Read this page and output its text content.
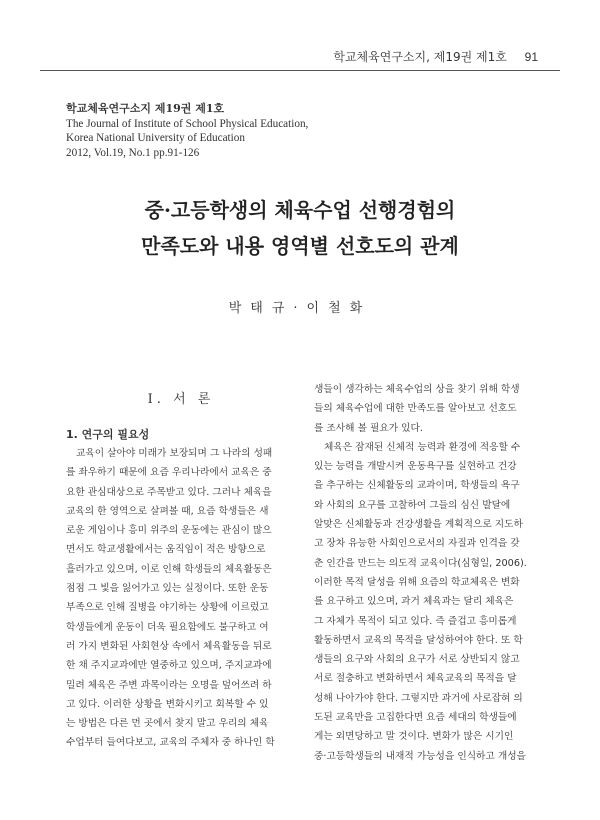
학교체육연구소지, 제19권 제1호 91
학교체육연구소지 제19권 제1호
The Journal of Institute of School Physical Education,
Korea National University of Education
2012, Vol.19, No.1 pp.91-126
중·고등학생의 체육수업 선행경험의
만족도와 내용 영역별 선호도의 관계
박태규·이철화
Ⅰ. 서 론
1. 연구의 필요성
교육이 살아야 미래가 보장되며 그 나라의 성패
를 좌우하기 때문에 요즘 우리나라에서 교육은 중
요한 관심대상으로 주목받고 있다. 그러나 체육을
교육의 한 영역으로 살펴볼 때, 요즘 학생들은 새
로운 게임이나 흥미 위주의 운동에는 관심이 많으
면서도 학교생활에서는 움직임이 적은 방향으로
흘러가고 있으며, 이로 인해 학생들의 체육활동은
점점 그 빛을 잃어가고 있는 실정이다. 또한 운동
부족으로 인해 질병을 야기하는 상황에 이르렀고
학생들에게 운동이 더욱 필요함에도 불구하고 여
러 가지 변화된 사회현상 속에서 체육활동을 뒤로
한 채 주지교과에만 열중하고 있으며, 주지교과에
밀려 체육은 주변 과목이라는 오명을 덮어쓰려 하
고 있다. 이러한 상황을 변화시키고 회복할 수 있
는 방법은 다른 먼 곳에서 찾지 말고 우리의 체육
수업부터 들여다보고, 교육의 주체자 중 하나인 학
생들이 생각하는 체육수업의 상을 찾기 위해 학생
들의 체육수업에 대한 만족도를 알아보고 선호도
를 조사해 볼 필요가 있다.
체육은 잠재된 신체적 능력과 환경에 적응할 수
있는 능력을 개발시켜 운동욕구를 실현하고 건강
을 추구하는 신체활동의 교과이며, 학생들의 욕구
와 사회의 요구를 고찰하여 그들의 심신 발달에
알맞은 신체활동과 건강생활을 계획적으로 지도하
고 장차 유능한 사회인으로서의 자질과 인격을 갖
춘 인간을 만드는 의도적 교육이다(심형일, 2006).
이러한 목적 달성을 위해 요즘의 학교체육은 변화
를 요구하고 있으며, 과거 체육과는 달리 체육은
그 자체가 목적이 되고 있다. 즉 즐겁고 흥미롭게
활동하면서 교육의 목적을 달성하여야 한다. 또 학
생들의 요구와 사회의 요구가 서로 상반되지 않고
서로 절충하고 변화하면서 체육교육의 목적을 달
성해 나아가야 한다. 그렇지만 과거에 사로잡혀 의
도된 교육만을 고집한다면 요즘 세대의 학생들에
게는 외면당하고 말 것이다. 변화가 많은 시기인
중·고등학생들의 내재적 가능성을 인식하고 개성을
